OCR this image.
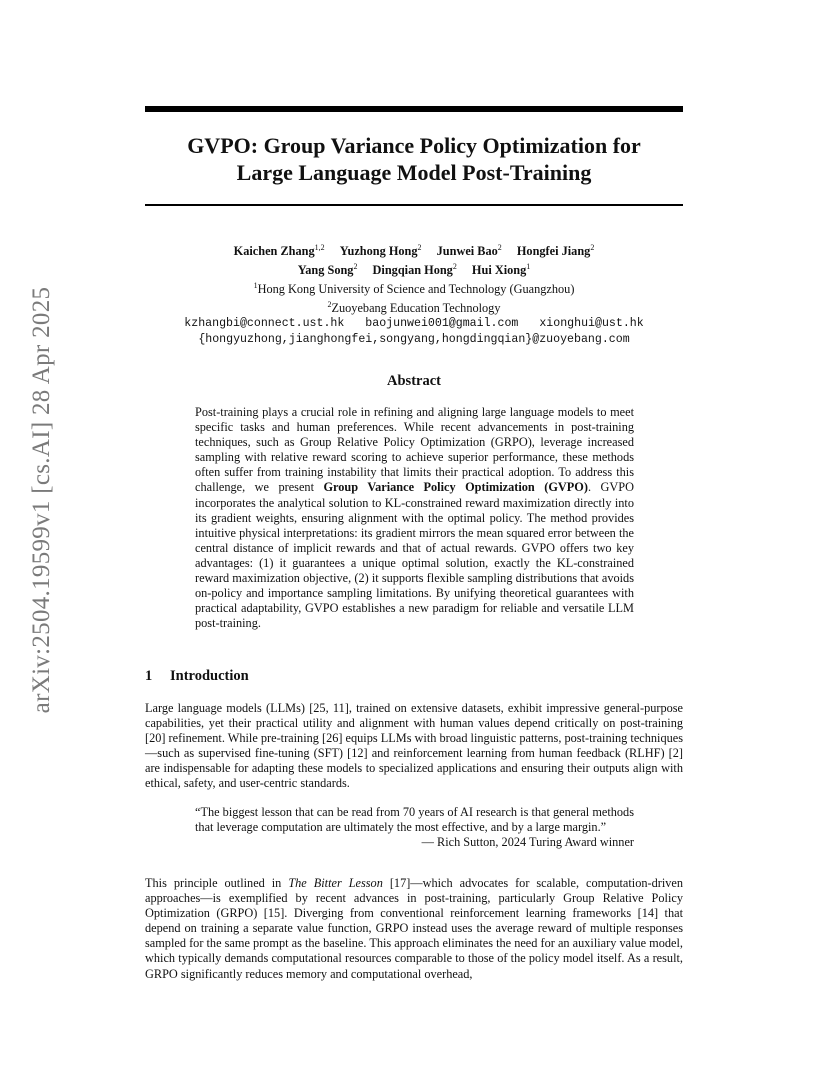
arXiv:2504.19599v1 [cs.AI] 28 Apr 2025
GVPO: Group Variance Policy Optimization for
Large Language Model Post-Training
Kaichen Zhang$^{1,2}$ Yuzhong Hong$^2$ Junwei Bao$^2$ Hongfei Jiang$^2$
Yang Song$^2$ Dingqian Hong$^2$ Hui Xiong$^1$
$^1$Hong Kong University of Science and Technology (Guangzhou)
$^2$Zuoyebang Education Technology
kzhangbi@connect.ust.hk baojunwei001@gmail.com xionghui@ust.hk
{hongyuzhong,jianghongfei,songyang,hongdingqian}@zuoyebang.com
Abstract

Post-training plays a crucial role in refining and aligning large language models to meet specific tasks and human preferences. While recent advancements in post-training techniques, such as Group Relative Policy Optimization (GRPO), leverage increased sampling with relative reward scoring to achieve superior performance, these methods often suffer from training instability that limits their practical adoption. To address this challenge, we present Group Variance Policy Optimization (GVPO). GVPO incorporates the analytical solution to KL-constrained reward maximization directly into its gradient weights, ensuring alignment with the optimal policy. The method provides intuitive physical interpretations: its gradient mirrors the mean squared error between the central distance of implicit rewards and that of actual rewards. GVPO offers two key advantages: (1) it guarantees a unique optimal solution, exactly the KL-constrained reward maximization objective, (2) it supports flexible sampling distributions that avoids on-policy and importance sampling limitations. By unifying theoretical guarantees with practical adaptability, GVPO establishes a new paradigm for reliable and versatile LLM post-training.

1 Introduction

Large language models (LLMs) [25, 11], trained on extensive datasets, exhibit impressive general-purpose capabilities, yet their practical utility and alignment with human values depend critically on post-training [20] refinement. While pre-training [26] equips LLMs with broad linguistic patterns, post-training techniques—such as supervised fine-tuning (SFT) [12] and reinforcement learning from human feedback (RLHF) [2] are indispensable for adapting these models to specialized applications and ensuring their outputs align with ethical, safety, and user-centric standards.

“The biggest lesson that can be read from 70 years of AI research is that general methods that leverage computation are ultimately the most effective, and by a large margin.”

— Rich Sutton, 2024 Turing Award winner

This principle outlined in The Bitter Lesson [17]—which advocates for scalable, computation-driven approaches—is exemplified by recent advances in post-training, particularly Group Relative Policy Optimization (GRPO) [15]. Diverging from conventional reinforcement learning frameworks [14] that depend on training a separate value function, GRPO instead uses the average reward of multiple responses sampled for the same prompt as the baseline. This approach eliminates the need for an auxiliary value model, which typically demands computational resources comparable to those of the policy model itself. As a result, GRPO significantly reduces memory and computational overhead,
